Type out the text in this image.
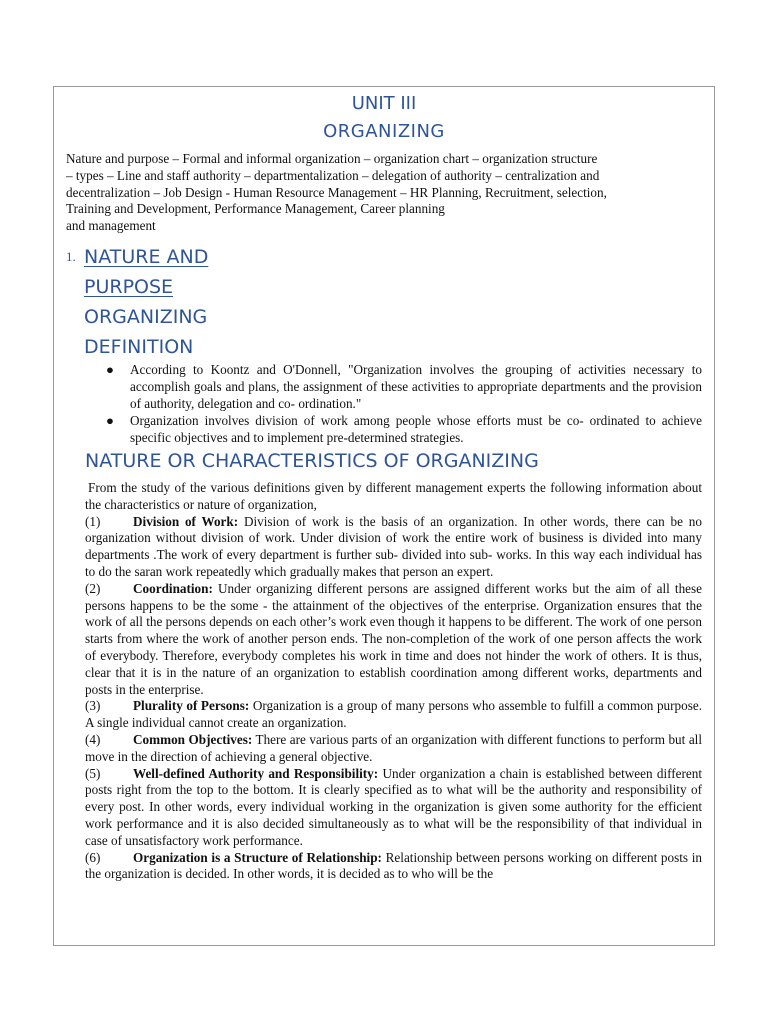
UNIT III
ORGANIZING
Nature and purpose – Formal and informal organization – organization chart – organization structure
– types – Line and staff authority – departmentalization – delegation of authority – centralization and
decentralization – Job Design - Human Resource Management – HR Planning, Recruitment, selection,
Training and Development, Performance Management, Career planning
and management
1. NATURE AND
PURPOSE
ORGANIZING
DEFINITION
● According to Koontz and O'Donnell, "Organization involves the grouping of activities necessary to accomplish goals and plans, the assignment of these activities to appropriate departments and the provision of authority, delegation and co- ordination."
● Organization involves division of work among people whose efforts must be co- ordinated to achieve specific objectives and to implement pre-determined strategies.
NATURE OR CHARACTERISTICS OF ORGANIZING
From the study of the various definitions given by different management experts the following information about the characteristics or nature of organization,
(1) Division of Work: Division of work is the basis of an organization. In other words, there can be no organization without division of work. Under division of work the entire work of business is divided into many departments .The work of every department is further sub- divided into sub- works. In this way each individual has to do the saran work repeatedly which gradually makes that person an expert.
(2) Coordination: Under organizing different persons are assigned different works but the aim of all these persons happens to be the some - the attainment of the objectives of the enterprise. Organization ensures that the work of all the persons depends on each other’s work even though it happens to be different. The work of one person starts from where the work of another person ends. The non-completion of the work of one person affects the work of everybody. Therefore, everybody completes his work in time and does not hinder the work of others. It is thus, clear that it is in the nature of an organization to establish coordination among different works, departments and posts in the enterprise.
(3) Plurality of Persons: Organization is a group of many persons who assemble to fulfill a common purpose. A single individual cannot create an organization.
(4) Common Objectives: There are various parts of an organization with different functions to perform but all move in the direction of achieving a general objective.
(5) Well-defined Authority and Responsibility: Under organization a chain is established between different posts right from the top to the bottom. It is clearly specified as to what will be the authority and responsibility of every post. In other words, every individual working in the organization is given some authority for the efficient work performance and it is also decided simultaneously as to what will be the responsibility of that individual in case of unsatisfactory work performance.
(6) Organization is a Structure of Relationship: Relationship between persons working on different posts in the organization is decided. In other words, it is decided as to who will be the
